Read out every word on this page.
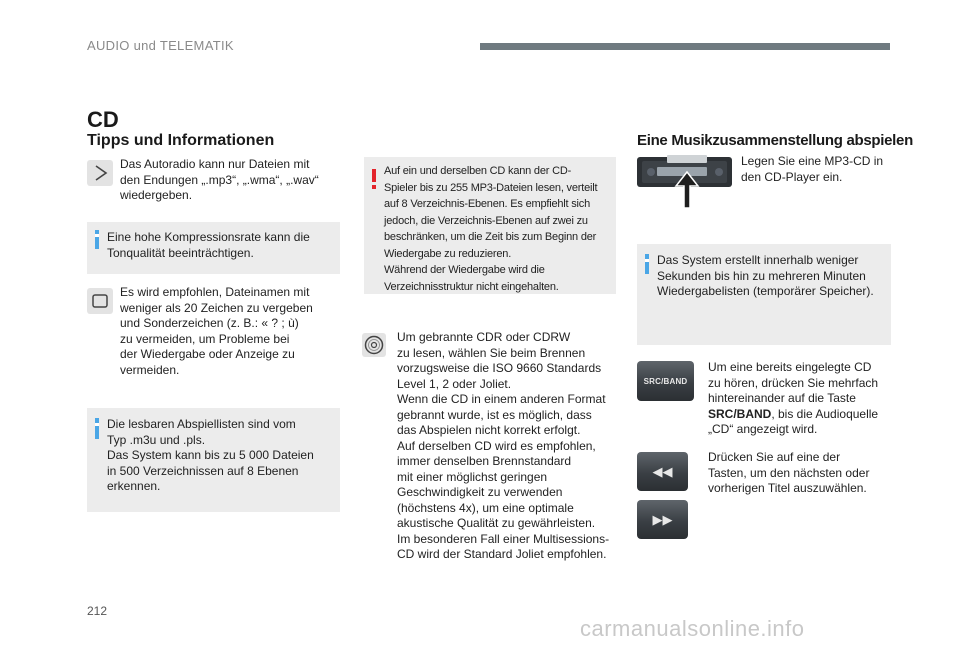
AUDIO und TELEMATIK
CD
Tipps und Informationen	Eine Musikzusammenstellung abspielen
Das Autoradio kann nur Dateien mit
den Endungen „.mp3“, „.wma“, „.wav“
wiedergeben.
Eine hohe Kompressionsrate kann die
Tonqualität beeinträchtigen.
Es wird empfohlen, Dateinamen mit
weniger als 20 Zeichen zu vergeben
und Sonderzeichen (z. B.: « ? ; ù)
zu vermeiden, um Probleme bei
der Wiedergabe oder Anzeige zu
vermeiden.
Die lesbaren Abspiellisten sind vom
Typ .m3u und .pls.
Das System kann bis zu 5 000 Dateien
in 500 Verzeichnissen auf 8 Ebenen
erkennen.
Auf ein und derselben CD kann der CD-
Spieler bis zu 255 MP3-Dateien lesen, verteilt
auf 8 Verzeichnis-Ebenen. Es empfiehlt sich
jedoch, die Verzeichnis-Ebenen auf zwei zu
beschränken, um die Zeit bis zum Beginn der
Wiedergabe zu reduzieren.
Während der Wiedergabe wird die
Verzeichnisstruktur nicht eingehalten.
Um gebrannte CDR oder CDRW
zu lesen, wählen Sie beim Brennen
vorzugsweise die ISO 9660 Standards
Level 1, 2 oder Joliet.
Wenn die CD in einem anderen Format
gebrannt wurde, ist es möglich, dass
das Abspielen nicht korrekt erfolgt.
Auf derselben CD wird es empfohlen,
immer denselben Brennstandard
mit einer möglichst geringen
Geschwindigkeit zu verwenden
(höchstens 4x), um eine optimale
akustische Qualität zu gewährleisten.
Im besonderen Fall einer Multisessions-
CD wird der Standard Joliet empfohlen.
Legen Sie eine MP3-CD in
den CD-Player ein.
Das System erstellt innerhalb weniger
Sekunden bis hin zu mehreren Minuten
Wiedergabelisten (temporärer Speicher).
SRC/BAND
Um eine bereits eingelegte CD
zu hören, drücken Sie mehrfach
hintereinander auf die Taste
SRC/BAND, bis die Audioquelle
„CD“ angezeigt wird.
◀◀
▶▶
Drücken Sie auf eine der
Tasten, um den nächsten oder
vorherigen Titel auszuwählen.
212
carmanualsonline.info
